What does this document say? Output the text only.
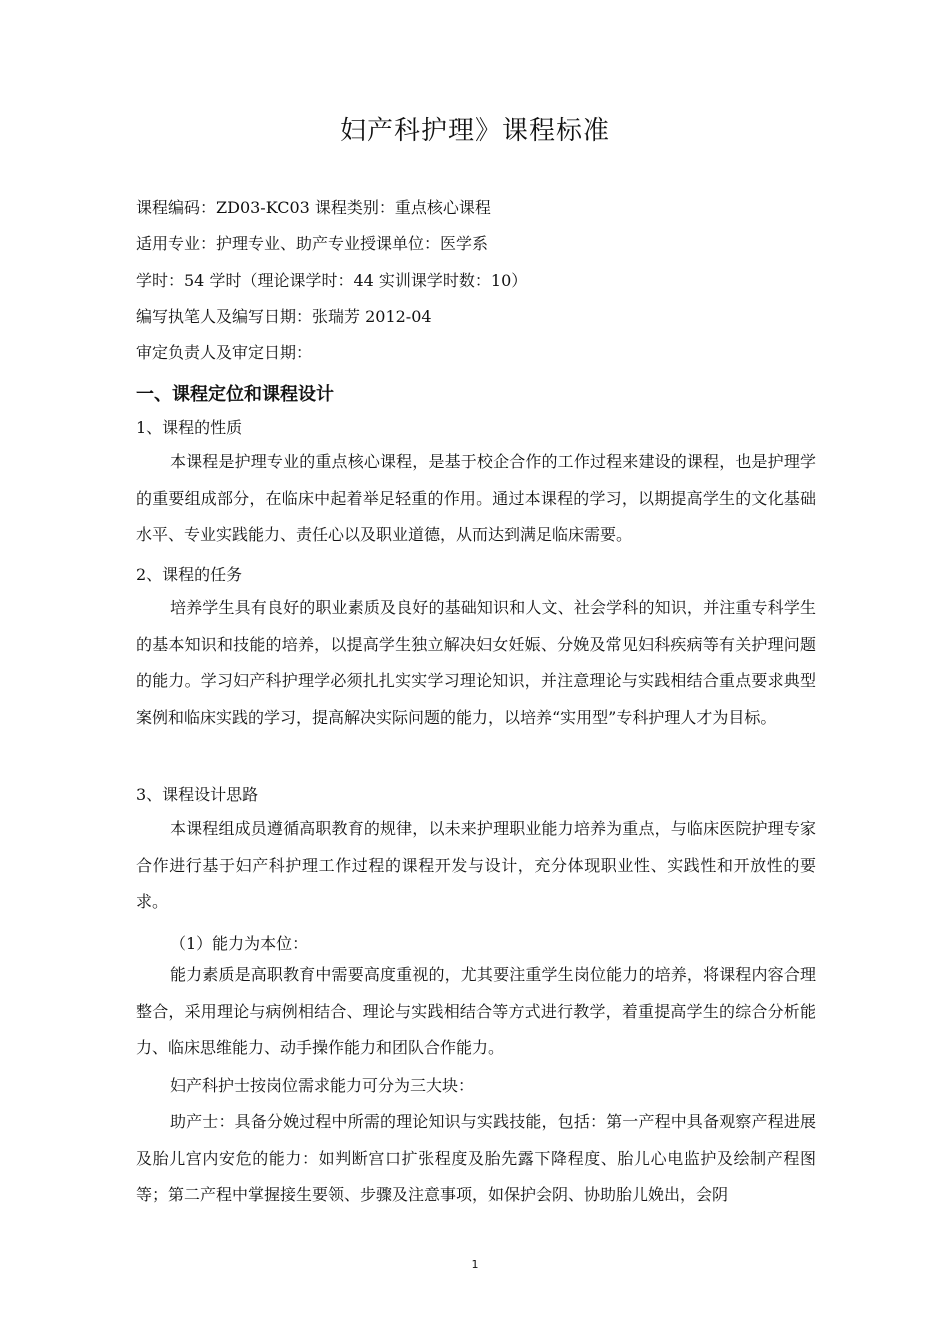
妇产科护理》课程标准
课程编码：ZD03-KC03 课程类别：重点核心课程
适用专业：护理专业、助产专业授课单位：医学系
学时：54 学时（理论课学时：44 实训课学时数：10）
编写执笔人及编写日期：张瑞芳 2012-04
审定负责人及审定日期：
一、课程定位和课程设计
1、课程的性质

本课程是护理专业的重点核心课程，是基于校企合作的工作过程来建设的课程，也是护理学的重要组成部分，在临床中起着举足轻重的作用。通过本课程的学习，以期提高学生的文化基础水平、专业实践能力、责任心以及职业道德，从而达到满足临床需要。

2、课程的任务

培养学生具有良好的职业素质及良好的基础知识和人文、社会学科的知识，并注重专科学生的基本知识和技能的培养，以提高学生独立解决妇女妊娠、分娩及常见妇科疾病等有关护理问题的能力。学习妇产科护理学必须扎扎实实学习理论知识，并注意理论与实践相结合重点要求典型案例和临床实践的学习，提高解决实际问题的能力，以培养“实用型”专科护理人才为目标。

3、课程设计思路

本课程组成员遵循高职教育的规律，以未来护理职业能力培养为重点，与临床医院护理专家合作进行基于妇产科护理工作过程的课程开发与设计，充分体现职业性、实践性和开放性的要求。

（1）能力为本位：

能力素质是高职教育中需要高度重视的，尤其要注重学生岗位能力的培养，将课程内容合理整合，采用理论与病例相结合、理论与实践相结合等方式进行教学，着重提高学生的综合分析能力、临床思维能力、动手操作能力和团队合作能力。

妇产科护士按岗位需求能力可分为三大块：

助产士：具备分娩过程中所需的理论知识与实践技能，包括：第一产程中具备观察产程进展及胎儿宫内安危的能力：如判断宫口扩张程度及胎先露下降程度、胎儿心电监护及绘制产程图等；第二产程中掌握接生要领、步骤及注意事项，如保护会阴、协助胎儿娩出，会阴

1
